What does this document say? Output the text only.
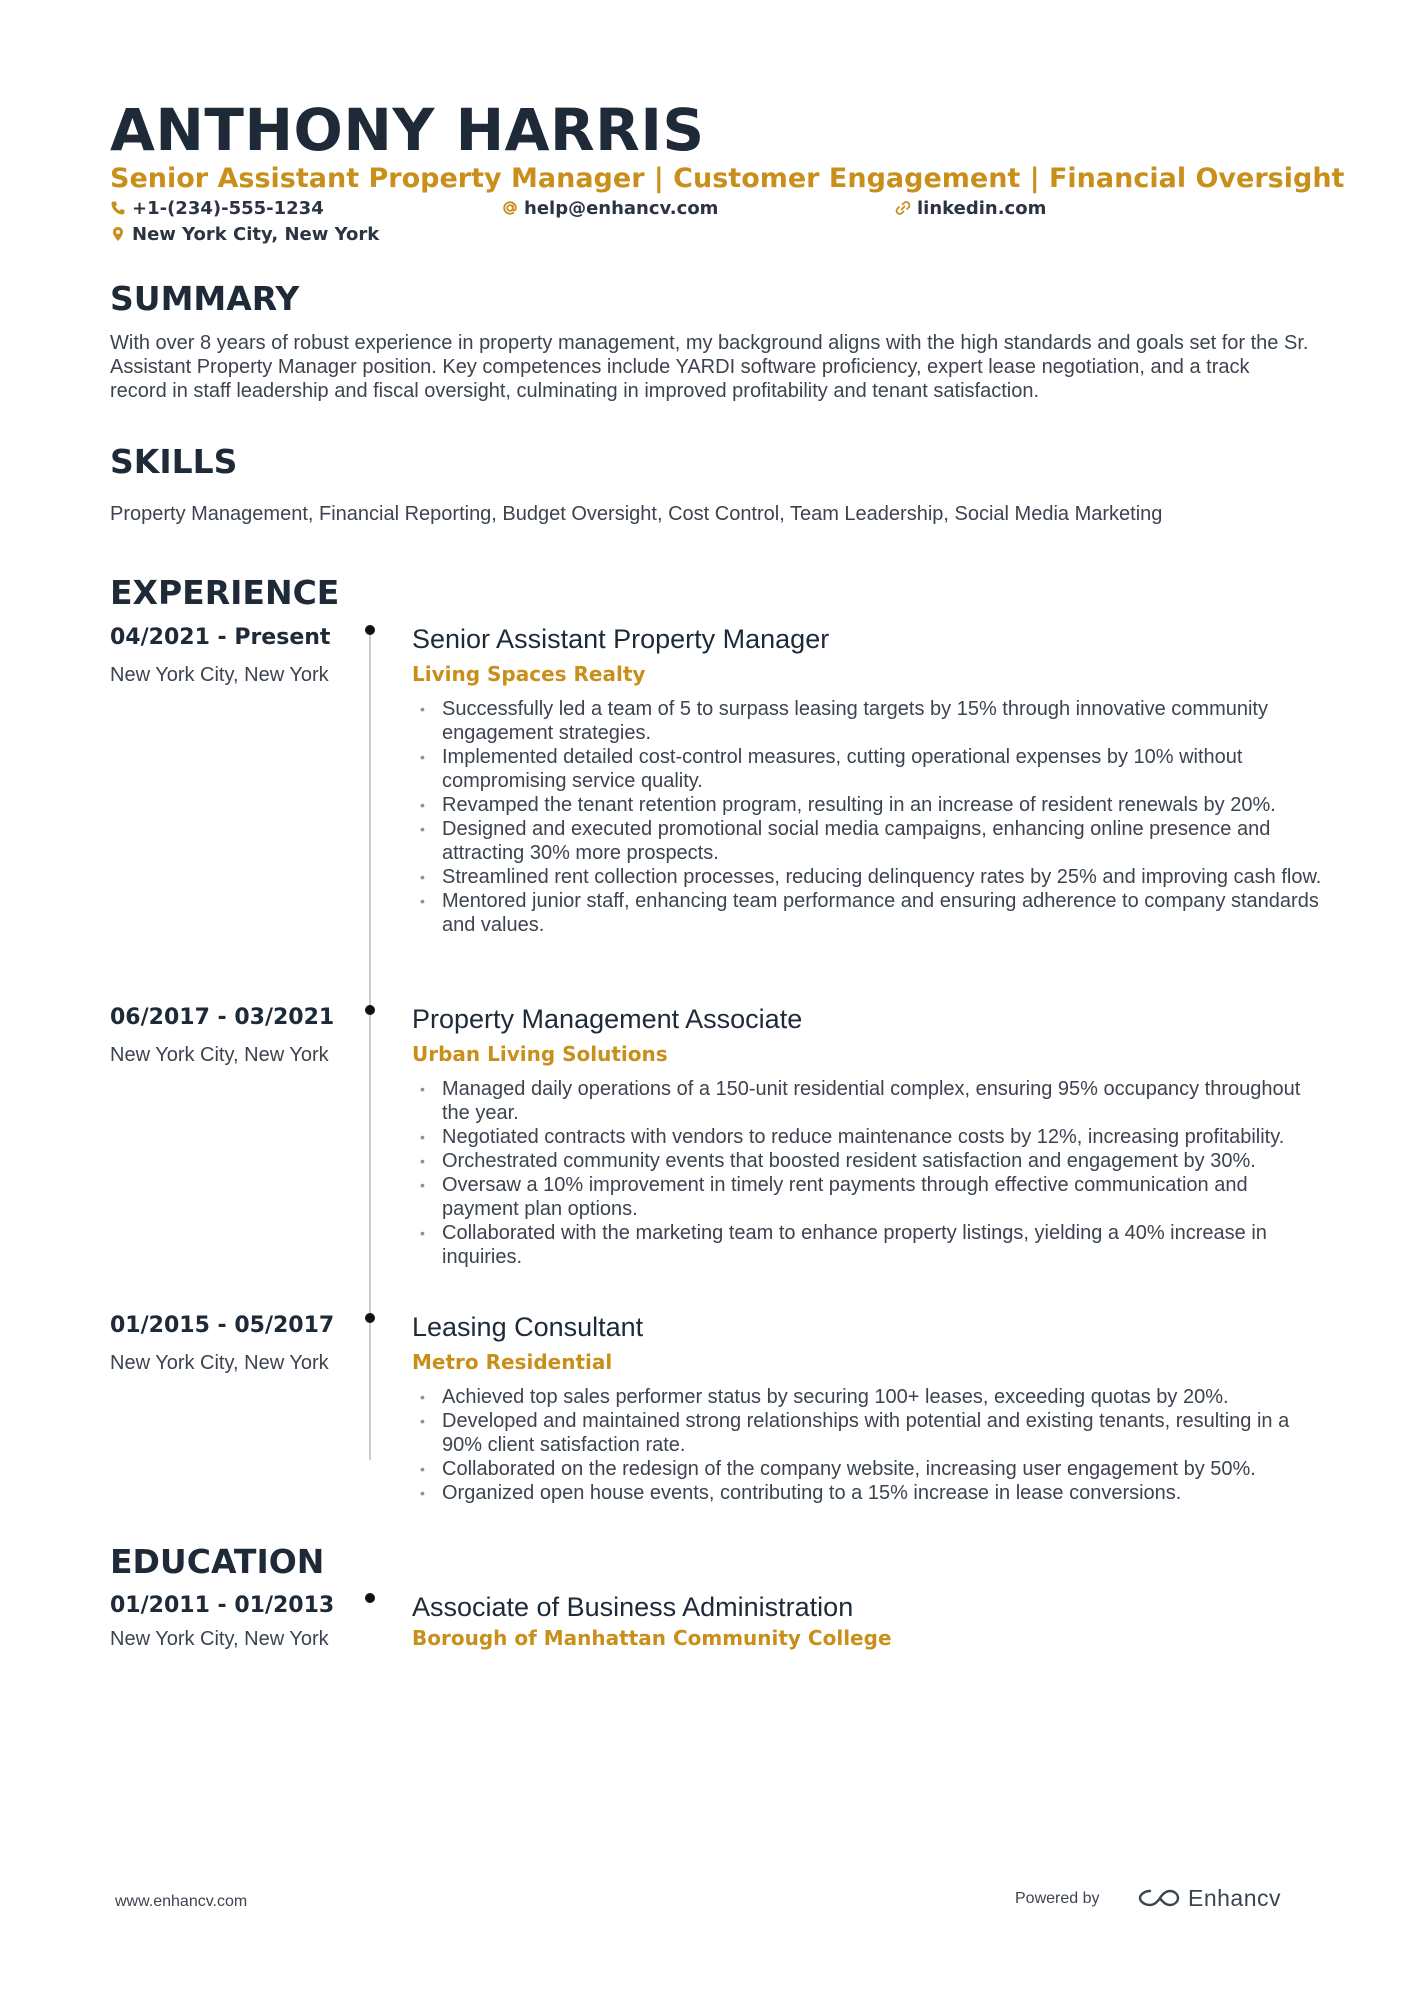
ANTHONY HARRIS
Senior Assistant Property Manager | Customer Engagement | Financial Oversight
+1-(234)-555-1234	help@enhancv.com	linkedin.com
New York City, New York
SUMMARY

With over 8 years of robust experience in property management, my background aligns with the high standards and goals set for the Sr. Assistant Property Manager position. Key competences include YARDI software proficiency, expert lease negotiation, and a track record in staff leadership and fiscal oversight, culminating in improved profitability and tenant satisfaction.

SKILLS

Property Management, Financial Reporting, Budget Oversight, Cost Control, Team Leadership, Social Media Marketing

EXPERIENCE
04/2021 - Present
New York City, New York
Senior Assistant Property Manager
Living Spaces Realty
• Successfully led a team of 5 to surpass leasing targets by 15% through innovative community engagement strategies.
• Implemented detailed cost-control measures, cutting operational expenses by 10% without compromising service quality.
• Revamped the tenant retention program, resulting in an increase of resident renewals by 20%.
• Designed and executed promotional social media campaigns, enhancing online presence and attracting 30% more prospects.
• Streamlined rent collection processes, reducing delinquency rates by 25% and improving cash flow.
• Mentored junior staff, enhancing team performance and ensuring adherence to company standards and values.
06/2017 - 03/2021
New York City, New York
Property Management Associate
Urban Living Solutions
• Managed daily operations of a 150-unit residential complex, ensuring 95% occupancy throughout the year.
• Negotiated contracts with vendors to reduce maintenance costs by 12%, increasing profitability.
• Orchestrated community events that boosted resident satisfaction and engagement by 30%.
• Oversaw a 10% improvement in timely rent payments through effective communication and payment plan options.
• Collaborated with the marketing team to enhance property listings, yielding a 40% increase in inquiries.
01/2015 - 05/2017
New York City, New York
Leasing Consultant
Metro Residential
• Achieved top sales performer status by securing 100+ leases, exceeding quotas by 20%.
• Developed and maintained strong relationships with potential and existing tenants, resulting in a 90% client satisfaction rate.
• Collaborated on the redesign of the company website, increasing user engagement by 50%.
• Organized open house events, contributing to a 15% increase in lease conversions.
EDUCATION
01/2011 - 01/2013
New York City, New York
Associate of Business Administration
Borough of Manhattan Community College
www.enhancv.com	Powered by	Enhancv
